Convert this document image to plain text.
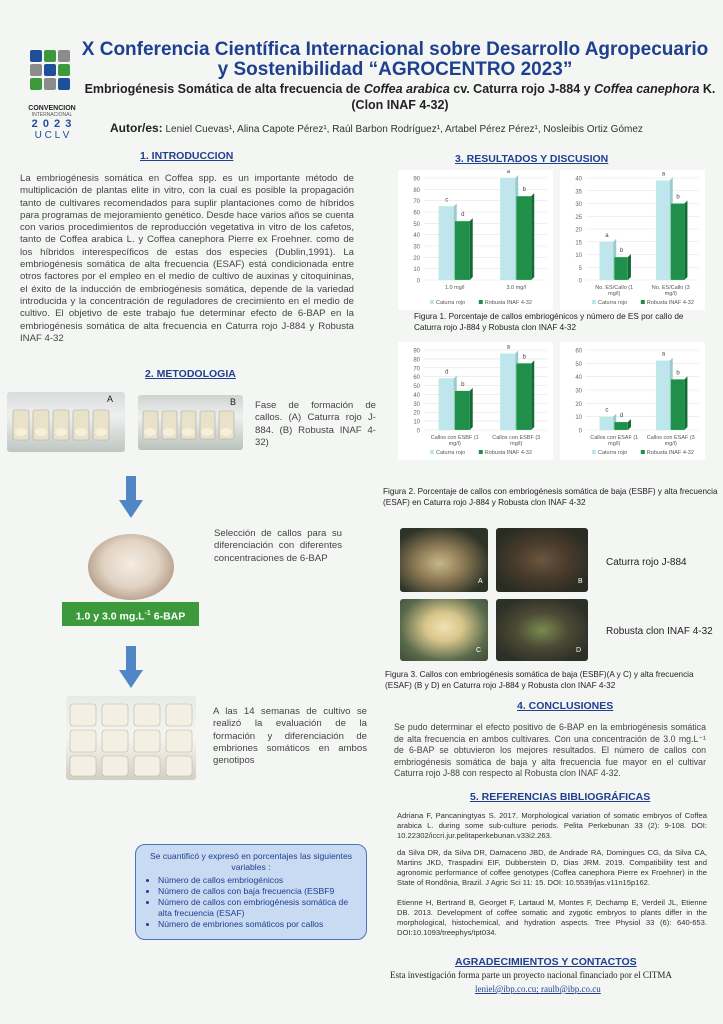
CONVENCION
INTERNACIONAL
2 0 2 3
U C L V
X Conferencia Científica Internacional sobre Desarrollo Agropecuario y Sostenibilidad “AGROCENTRO 2023”
Embriogénesis Somática de alta frecuencia de Coffea arabica cv. Caturra rojo J-884 y Coffea canephora K.(Clon INAF 4-32)
Autor/es: Leniel Cuevas¹, Alina Capote Pérez¹, Raúl Barbon Rodríguez¹, Artabel Pérez Pérez¹, Nosleibis Ortiz Gómez
1. INTRODUCCION
La embriogénesis somática en Coffea spp. es un importante método de multiplicación de plantas elite in vitro, con la cual es posible la propagación tanto de cultivares recomendados para suplir plantaciones como de híbridos para programas de mejoramiento genético. Desde hace varios años se cuenta con varios procedimientos de reproducción vegetativa in vitro de los cafetos, tanto de Coffea arabica L. y Coffea canephora Pierre ex Froehner. como de los híbridos interespecíficos de estas dos especies (Dublin,1991). La embriogénesis somática de alta frecuencia (ESAF) está condicionada entre otros factores por el empleo en el medio de cultivo de auxinas y citoquininas, el éxito de la inducción de embriogénesis somática, depende de la variedad introducida y la concentración de reguladores de crecimiento en el medio de cultivo. El objetivo de este trabajo fue determinar efecto de 6-BAP en la embriogénesis somática de alta frecuencia en Caturra rojo J-884 y Robusta INAF 4-32
2. METODOLOGIA
A	B Fase de formación de callos. (A) Caturra rojo J-884. (B) Robusta INAF 4-32)
1.0 y 3.0 $mg.L^{-1}$ 6-BAP
Selección de callos para su diferenciación con diferentes concentraciones de 6-BAP
A las 14 semanas de cultivo se realizó la evaluación de la formación y diferenciación de embriones somáticos en ambos genotipos
Se cuantificó y expresó en porcentajes las siguientes variables :
• Número de callos embriogénicos
• Número de callos con baja frecuencia (ESBF9
• Número de callos con embriogénesis somática de alta frecuencia (ESAF)
• Número de embriones somáticos por callos
3. RESULTADOS Y DISCUSION
0
10
20
30
40
50
60
70
80
90
c
d
1.0 mg/l
a
b
3.0 mg/l
Caturra rojo	Robusta INAF 4-32
0
5
10
15
20
25
30
35
40
a
b
No. ES/Callo (1
mg/l)
a
b
No. ES/Callo (3
mg/l)
Caturra rojo	Robusta INAF 4-32
Figura 1. Porcentaje de callos embriogénicos y número de ES por callo de Caturra rojo J-884 y Robusta clon INAF 4-32
0
10
20
30
40
50
60
70
80
90
d
b
Callos con ESBF (1
mg/l)
a
b
Callos con ESBF (3
mg/l)
Caturra rojo	Robusta INAF 4-32
0
10
20
30
40
50
60
c
d
Callos con ESAF (1
mg/l)
a
b
Callos con ESAF (3
mg/l)
Caturra rojo	Robusta INAF 4-32
Figura 2. Porcentaje de callos con embriogénesis somática de baja (ESBF) y alta frecuencia (ESAF) en Caturra rojo J-884 y Robusta clon INAF 4-32
A	B
C	D
Caturra rojo J-884
Robusta clon INAF 4-32
Figura 3. Callos con embriogénesis somática de baja (ESBF)(A y C) y alta frecuencia (ESAF) (B y D) en Caturra rojo J-884 y Robusta clon INAF 4-32
4. CONCLUSIONES
Se pudo determinar el efecto positivo de 6-BAP en la embriogénesis somática de alta frecuencia en ambos cultivares. Con una concentración de 3.0 mg.L⁻¹ de 6-BAP se obtuvieron los mejores resultados. El número de callos con embriogénesis somática de baja y alta frecuencia fue mayor en el cultivar Caturra rojo J-88 con respecto al Robusta clon INAF 4-32.
5. REFERENCIAS BIBLIOGRÁFICAS
Adriana F, Pancaningtyas S. 2017. Morphological variation of somatic embryos of Coffea arabica L. during some sub-culture periods. Pelita Perkebunan 33 (2): 9-108. DOI: 10.22302/iccri.jur.pelitaperkebunan.v33i2.263.
da Silva DR, da Silva DR, Damaceno JBD, de Andrade RA, Domingues CG, da Silva CA, Martins JKD, Traspadini EIF, Dubberstein D, Dias JRM. 2019. Compatibility test and agronomic performance of coffee genotypes (Coffea canephora Pierre ex Froehner) in the State of Rondônia, Brazil. J Agric Sci 11: 15. DOI: 10.5539/jas.v11n15p162.
Etienne H, Bertrand B, Georget F, Lartaud M, Montes F, Dechamp E, Verdeil JL, Etienne DB. 2013. Development of coffee somatic and zygotic embryos to plants differ in the morphological, histochemical, and hydration aspects. Tree Physiol 33 (6): 640-653. DOI:10.1093/treephys/tpt034.
AGRADECIMIENTOS Y CONTACTOS
Esta investigación forma parte un proyecto nacional financiado por el CITMA
leniel@ibp.co.cu; raulb@ibp.co.cu
